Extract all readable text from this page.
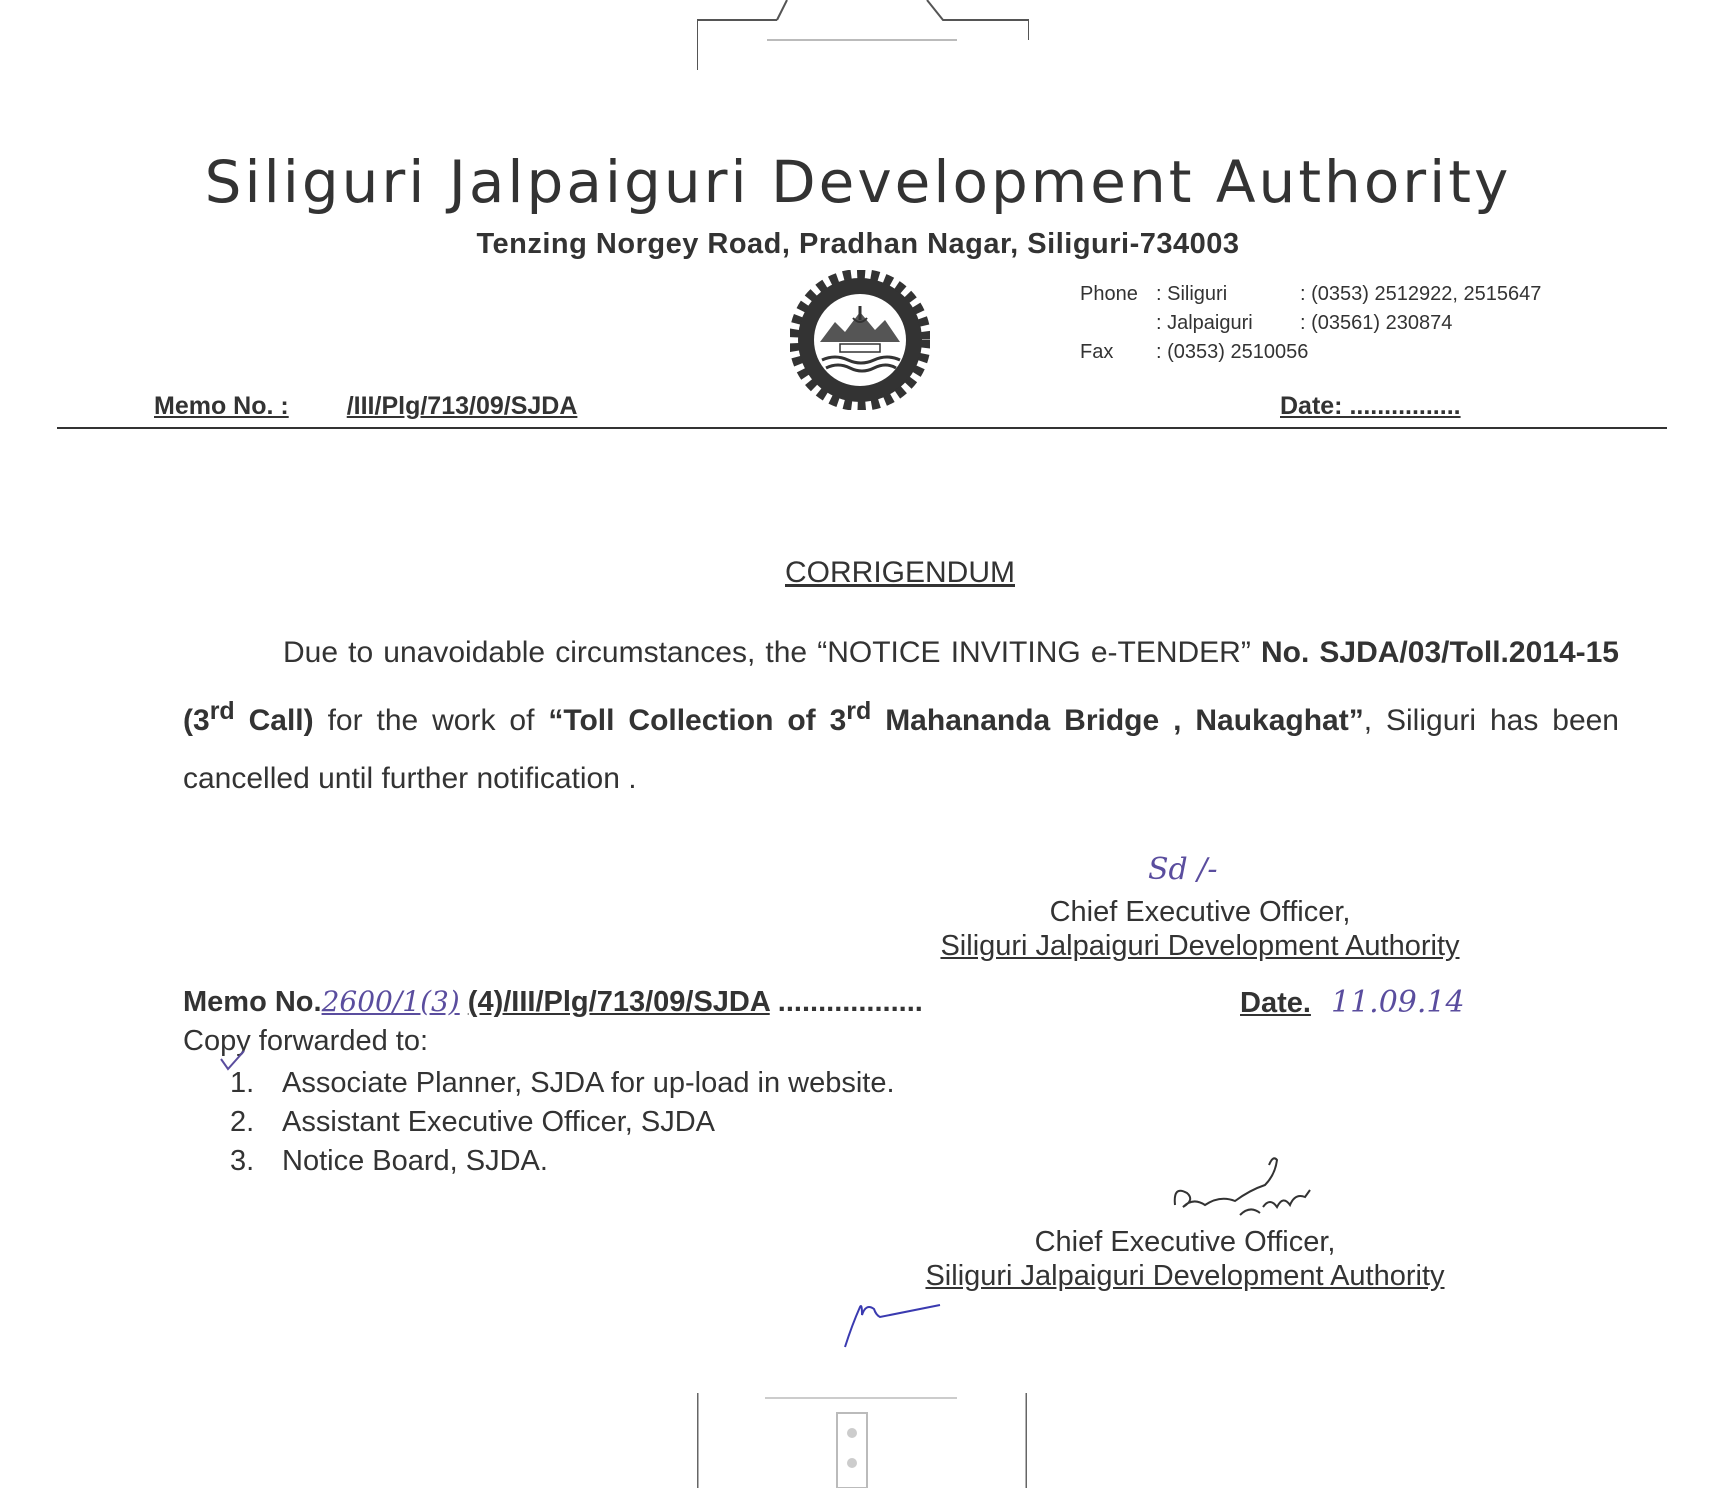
Siliguri Jalpaiguri Development Authority
Tenzing Norgey Road, Pradhan Nagar, Siliguri-734003
Phone : Siliguri	: (0353) 2512922, 2515647
: Jalpaiguri	: (03561) 230874
Fax	: (0353) 2510056
Memo No. : /III/Plg/713/09/SJDA	Date: ................
CORRIGENDUM
Due to unavoidable circumstances, the “NOTICE INVITING e-TENDER” No. SJDA/03/Toll.2014-15 (3rd Call) for the work of “Toll Collection of 3rd Mahananda Bridge , Naukaghat”, Siliguri has been cancelled until further notification .
Sd /-
Chief Executive Officer,
Siliguri Jalpaiguri Development Authority
Memo No.2600/1(3) (4)/III/Plg/713/09/SJDA ..................	Date. 11.09.14
Copy forwarded to:
1. Associate Planner, SJDA for up-load in website.
2. Assistant Executive Officer, SJDA
3. Notice Board, SJDA.
Chief Executive Officer,
Siliguri Jalpaiguri Development Authority
